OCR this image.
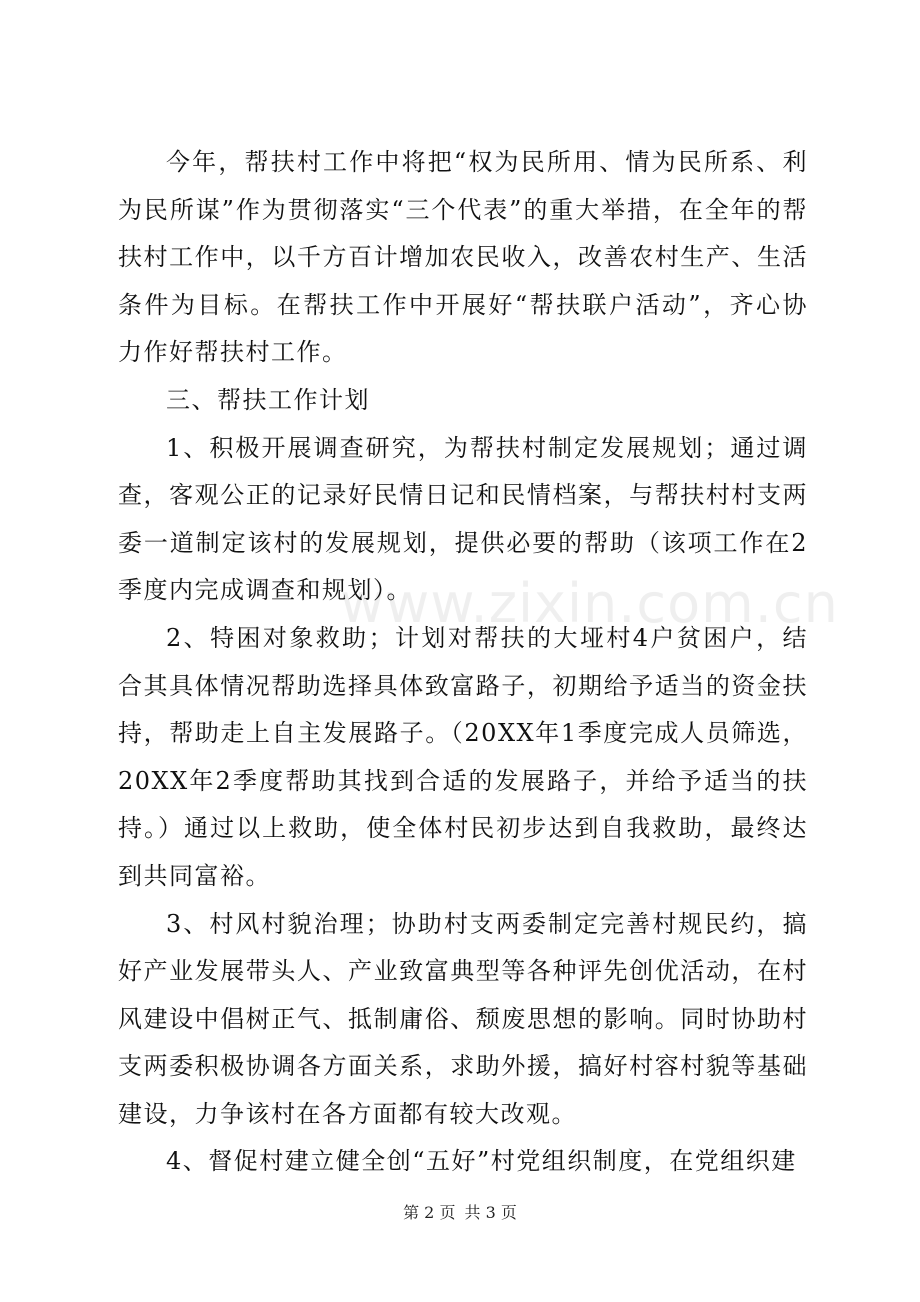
今年，帮扶村工作中将把“权为民所用、情为民所系、利为民所谋”作为贯彻落实“三个代表”的重大举措，在全年的帮扶村工作中，以千方百计增加农民收入，改善农村生产、生活条件为目标。在帮扶工作中开展好“帮扶联户活动”，齐心协力作好帮扶村工作。

三、帮扶工作计划

1、积极开展调查研究，为帮扶村制定发展规划；通过调查，客观公正的记录好民情日记和民情档案，与帮扶村村支两委一道制定该村的发展规划，提供必要的帮助（该项工作在2季度内完成调查和规划）。

2、特困对象救助；计划对帮扶的大垭村4户贫困户，结合其具体情况帮助选择具体致富路子，初期给予适当的资金扶持，帮助走上自主发展路子。（20XX年1季度完成人员筛选，20XX年2季度帮助其找到合适的发展路子，并给予适当的扶持。）通过以上救助，使全体村民初步达到自我救助，最终达到共同富裕。

3、村风村貌治理；协助村支两委制定完善村规民约，搞好产业发展带头人、产业致富典型等各种评先创优活动，在村风建设中倡树正气、抵制庸俗、颓废思想的影响。同时协助村支两委积极协调各方面关系，求助外援，搞好村容村貌等基础建设，力争该村在各方面都有较大改观。

4、督促村建立健全创“五好”村党组织制度，在党组织建

www.zixin.com.cn
第 2 页 共 3 页
